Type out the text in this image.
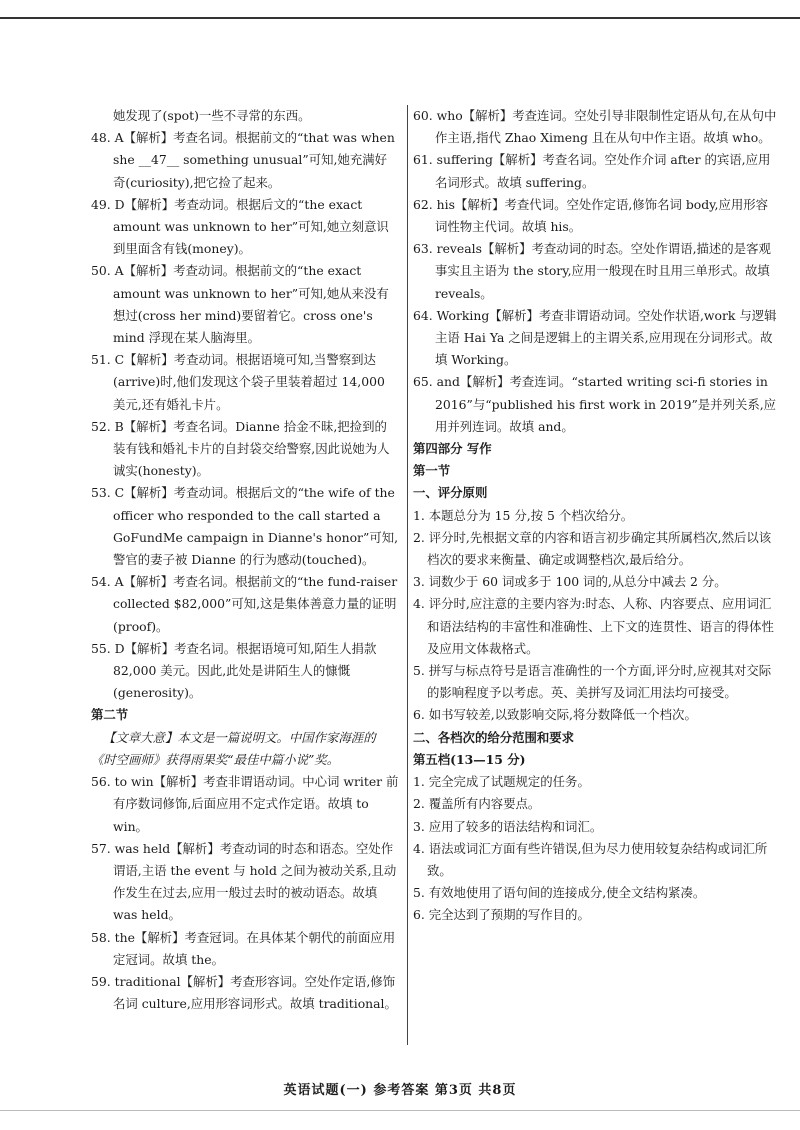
她发现了(spot)一些不寻常的东西。

48. A【解析】考查名词。根据前文的“that was when she __47__ something unusual”可知,她充满好奇(curiosity),把它捡了起来。

49. D【解析】考查动词。根据后文的“the exact amount was unknown to her”可知,她立刻意识到里面含有钱(money)。

50. A【解析】考查动词。根据前文的“the exact amount was unknown to her”可知,她从来没有想过(cross her mind)要留着它。cross one's mind 浮现在某人脑海里。

51. C【解析】考查动词。根据语境可知,当警察到达(arrive)时,他们发现这个袋子里装着超过 14,000 美元,还有婚礼卡片。

52. B【解析】考查名词。Dianne 拾金不昧,把捡到的装有钱和婚礼卡片的自封袋交给警察,因此说她为人诚实(honesty)。

53. C【解析】考查动词。根据后文的“the wife of the officer who responded to the call started a GoFundMe campaign in Dianne's honor”可知,警官的妻子被 Dianne 的行为感动(touched)。

54. A【解析】考查名词。根据前文的“the fund-raiser collected $82,000”可知,这是集体善意力量的证明(proof)。

55. D【解析】考查名词。根据语境可知,陌生人捐款 82,000 美元。因此,此处是讲陌生人的慷慨(generosity)。

第二节

【文章大意】本文是一篇说明文。中国作家海涯的《时空画师》获得雨果奖“最佳中篇小说”奖。

56. to win【解析】考查非谓语动词。中心词 writer 前有序数词修饰,后面应用不定式作定语。故填 to win。

57. was held【解析】考查动词的时态和语态。空处作谓语,主语 the event 与 hold 之间为被动关系,且动作发生在过去,应用一般过去时的被动语态。故填 was held。

58. the【解析】考查冠词。在具体某个朝代的前面应用定冠词。故填 the。

59. traditional【解析】考查形容词。空处作定语,修饰名词 culture,应用形容词形式。故填 traditional。

60. who【解析】考查连词。空处引导非限制性定语从句,在从句中作主语,指代 Zhao Ximeng 且在从句中作主语。故填 who。

61. suffering【解析】考查名词。空处作介词 after 的宾语,应用名词形式。故填 suffering。

62. his【解析】考查代词。空处作定语,修饰名词 body,应用形容词性物主代词。故填 his。

63. reveals【解析】考查动词的时态。空处作谓语,描述的是客观事实且主语为 the story,应用一般现在时且用三单形式。故填 reveals。

64. Working【解析】考查非谓语动词。空处作状语,work 与逻辑主语 Hai Ya 之间是逻辑上的主谓关系,应用现在分词形式。故填 Working。

65. and【解析】考查连词。“started writing sci-fi stories in 2016”与“published his first work in 2019”是并列关系,应用并列连词。故填 and。

第四部分 写作

第一节

一、评分原则

1. 本题总分为 15 分,按 5 个档次给分。

2. 评分时,先根据文章的内容和语言初步确定其所属档次,然后以该档次的要求来衡量、确定或调整档次,最后给分。

3. 词数少于 60 词或多于 100 词的,从总分中减去 2 分。

4. 评分时,应注意的主要内容为:时态、人称、内容要点、应用词汇和语法结构的丰富性和准确性、上下文的连贯性、语言的得体性及应用文体裁格式。

5. 拼写与标点符号是语言准确性的一个方面,评分时,应视其对交际的影响程度予以考虑。英、美拼写及词汇用法均可接受。

6. 如书写较差,以致影响交际,将分数降低一个档次。

二、各档次的给分范围和要求

第五档(13—15 分)

1. 完全完成了试题规定的任务。

2. 覆盖所有内容要点。

3. 应用了较多的语法结构和词汇。

4. 语法或词汇方面有些许错误,但为尽力使用较复杂结构或词汇所致。

5. 有效地使用了语句间的连接成分,使全文结构紧凑。

6. 完全达到了预期的写作目的。

英语试题(一) 参考答案 第3页 共8页
